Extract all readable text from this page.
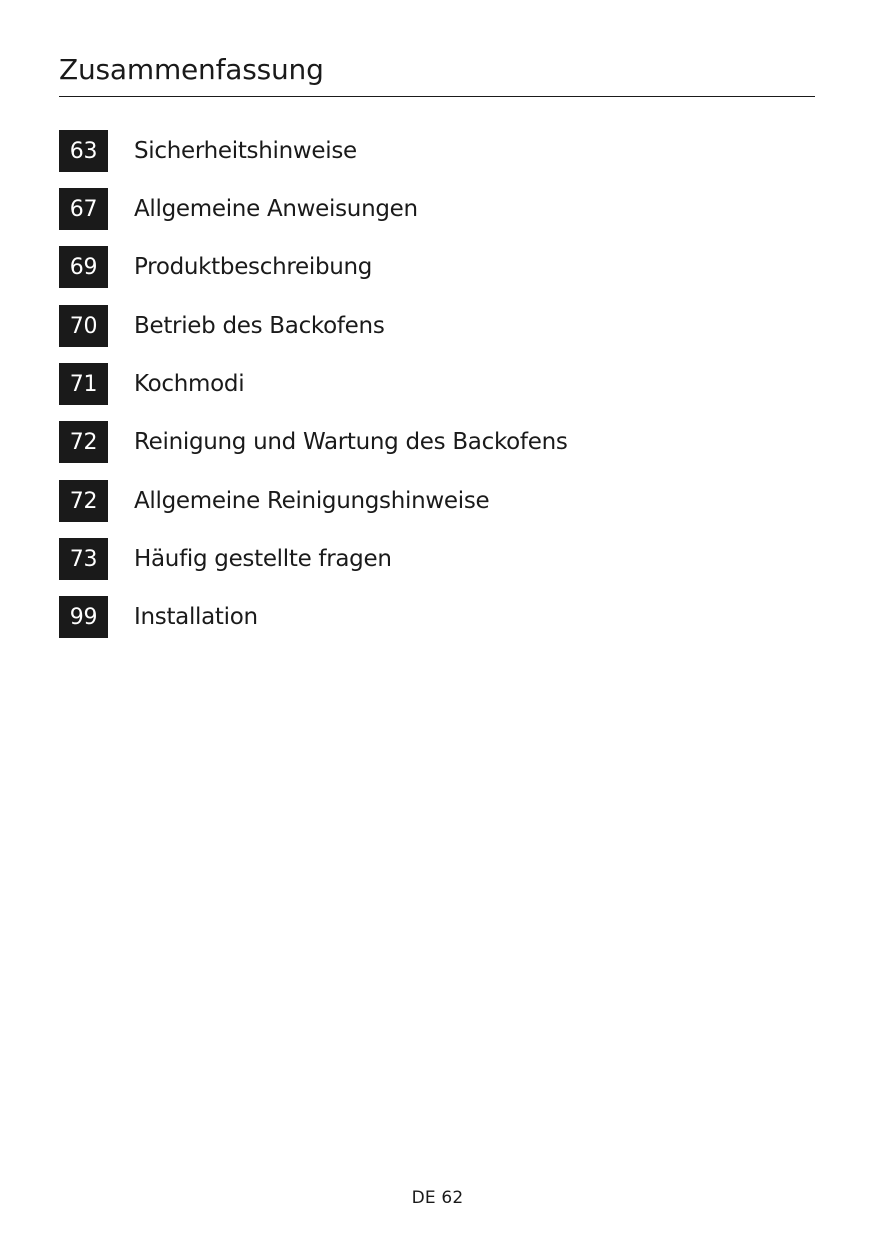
Zusammenfassung
63	Sicherheitshinweise
67	Allgemeine Anweisungen
69	Produktbeschreibung
70	Betrieb des Backofens
71	Kochmodi
72	Reinigung und Wartung des Backofens
72	Allgemeine Reinigungshinweise
73	Häufig gestellte fragen
99	Installation
DE 62
